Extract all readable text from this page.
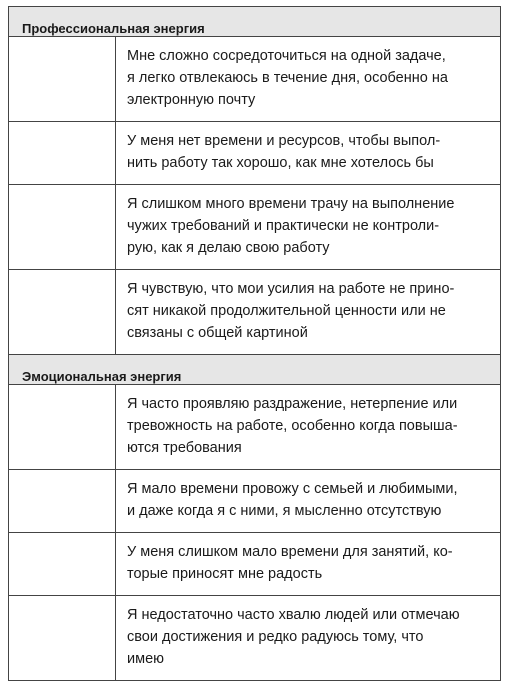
Профессиональная энергия	

	Мне сложно сосредоточиться на одной задаче,
я легко отвлекаюсь в течение дня, особенно на
электронную почту

	У меня нет времени и ресурсов, чтобы выпол-
нить работу так хорошо, как мне хотелось бы

	Я слишком много времени трачу на выполнение
чужих требований и практически не контроли-
рую, как я делаю свою работу

	Я чувствую, что мои усилия на работе не прино-
сят никакой продолжительной ценности или не
связаны с общей картиной

Эмоциональная энергия	

	Я часто проявляю раздражение, нетерпение или
тревожность на работе, особенно когда повыша-
ются требования

	Я мало времени провожу с семьей и любимыми,
и даже когда я с ними, я мысленно отсутствую

	У меня слишком мало времени для занятий, ко-
торые приносят мне радость

	Я недостаточно часто хвалю людей или отмечаю
свои достижения и редко радуюсь тому, что
имею
